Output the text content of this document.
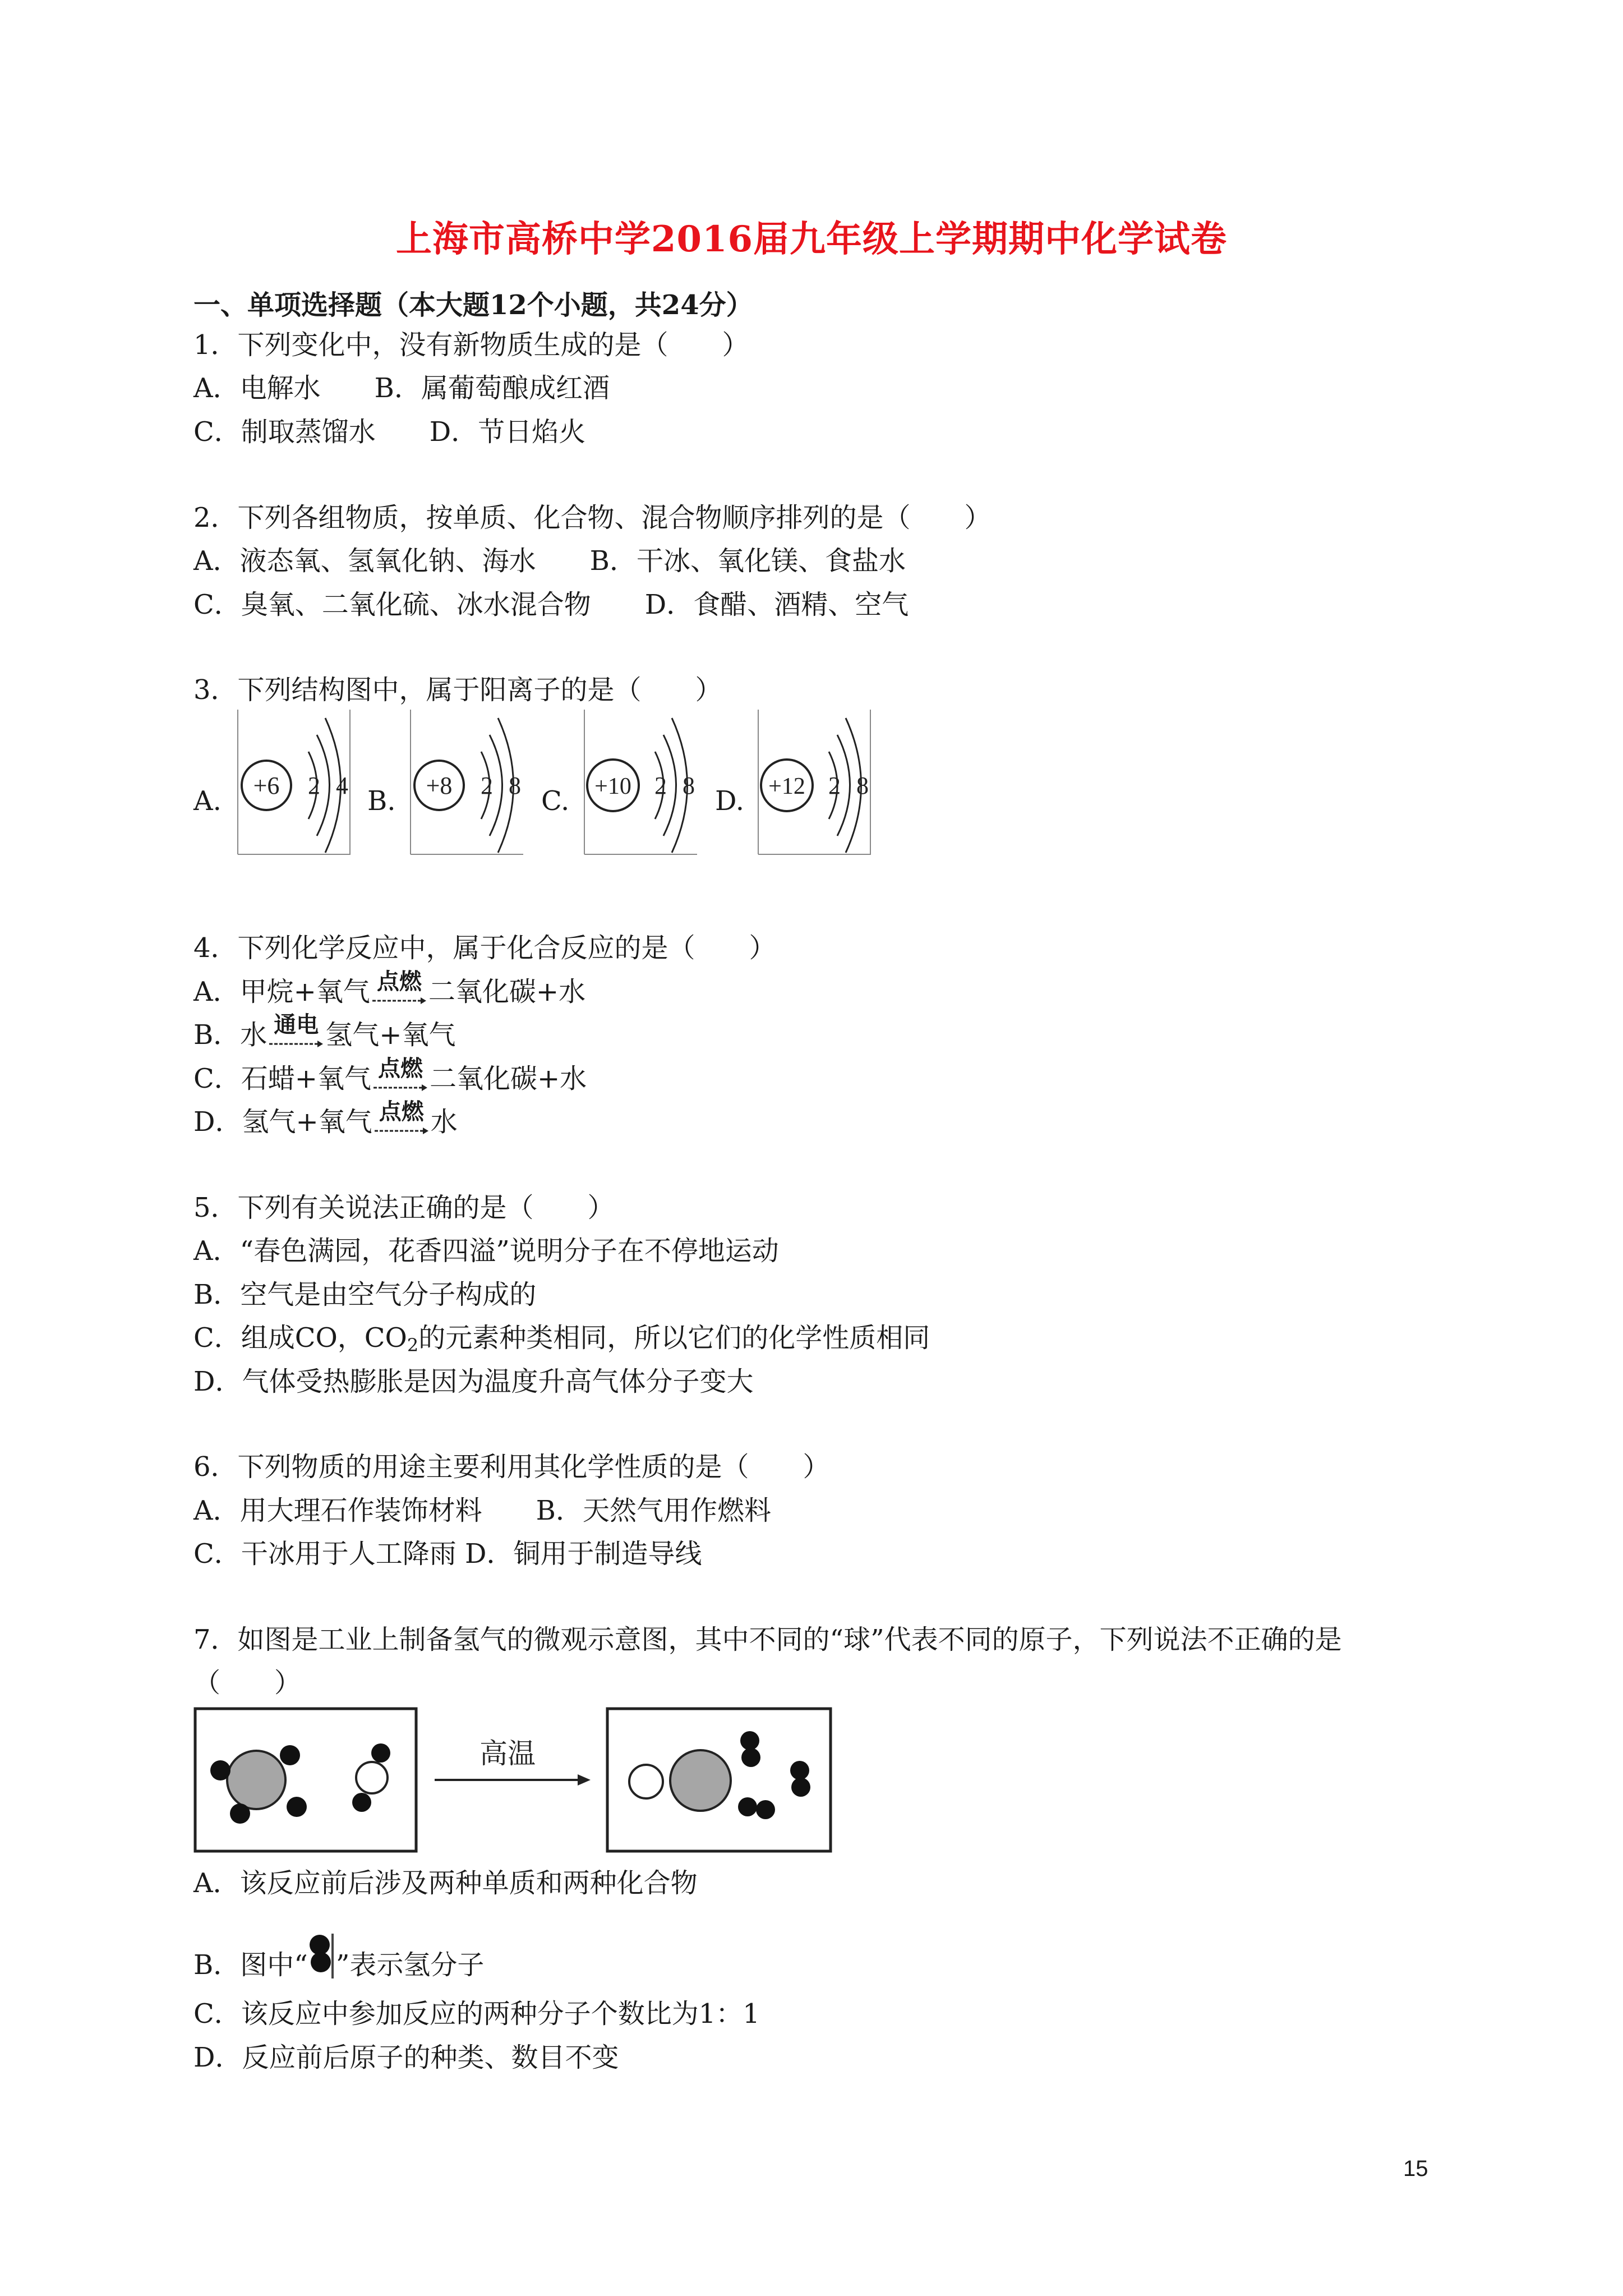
上海市高桥中学2016届九年级上学期期中化学试卷
一、单项选择题（本大题12个小题，共24分）
1．下列变化中，没有新物质生成的是（　　）
A．电解水　　B．属葡萄酿成红酒
C．制取蒸馏水　　D．节日焰火
2．下列各组物质，按单质、化合物、混合物顺序排列的是（　　）
A．液态氧、氢氧化钠、海水　　B．干冰、氧化镁、食盐水
C．臭氧、二氧化硫、冰水混合物　　D．食醋、酒精、空气
3．下列结构图中，属于阳离子的是（　　）
A. +6 2 4 B. +8 2 8 C. +10 2 8 D. +12 2 8
4．下列化学反应中，属于化合反应的是（　　）
A．甲烷+氧气 点燃 二氧化碳+水
B．水 通电 氢气+氧气
C．石蜡+氧气 点燃 二氧化碳+水
D．氢气+氧气 点燃 水
5．下列有关说法正确的是（　　）
A．“春色满园，花香四溢”说明分子在不停地运动
B．空气是由空气分子构成的
C．组成CO，$CO_2$的元素种类相同，所以它们的化学性质相同
D．气体受热膨胀是因为温度升高气体分子变大
6．下列物质的用途主要利用其化学性质的是（　　）
A．用大理石作装饰材料　　B．天然气用作燃料
C．干冰用于人工降雨 D．铜用于制造导线
7．如图是工业上制备氢气的微观示意图，其中不同的“球”代表不同的原子，下列说法不正确的是
（　　）
高温
A．该反应前后涉及两种单质和两种化合物
B．图中“ ”表示氢分子
C．该反应中参加反应的两种分子个数比为1：1
D．反应前后原子的种类、数目不变
15
